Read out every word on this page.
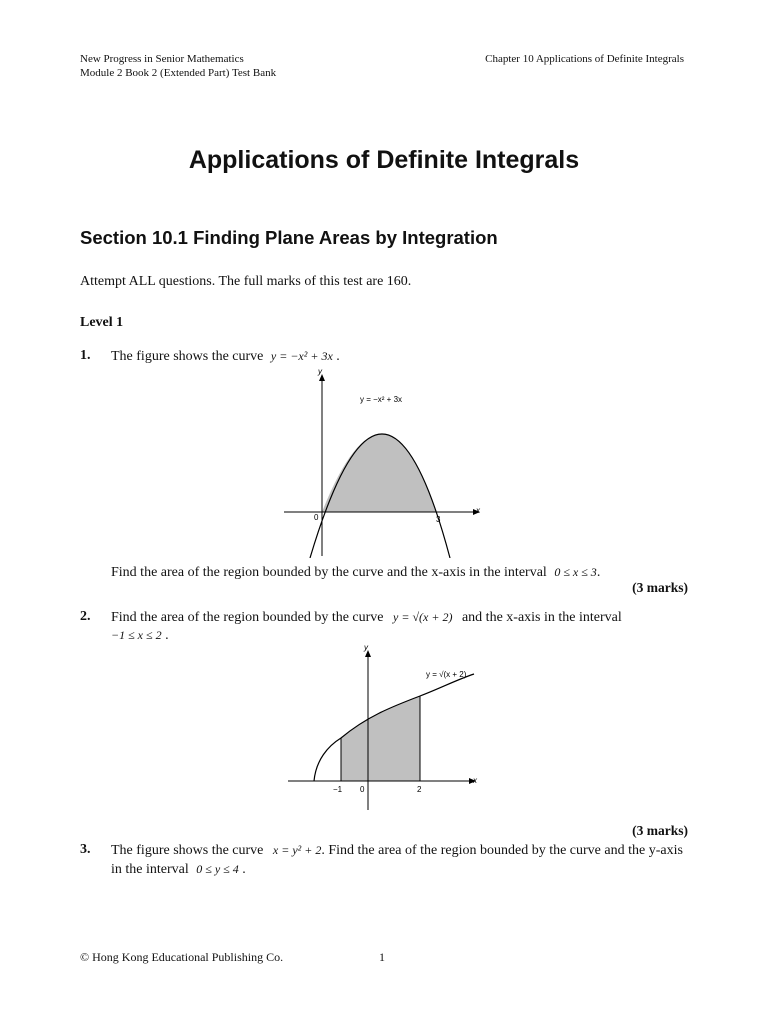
New Progress in Senior Mathematics
Module 2 Book 2 (Extended Part) Test Bank
Chapter 10 Applications of Definite Integrals
Applications of Definite Integrals
Section 10.1 Finding Plane Areas by Integration
Attempt ALL questions. The full marks of this test are 160.
Level 1
1. The figure shows the curve y = −x² + 3x .
x
y
y = −x² + 3x
0	3
Find the area of the region bounded by the curve and the x-axis in the interval 0 ≤ x ≤ 3.
(3 marks)
2. Find the area of the region bounded by the curve y = √(x + 2) and the x-axis in the interval
−1 ≤ x ≤ 2 .
x
y
y = √(x + 2)
−1 0	2
(3 marks)
3. The figure shows the curve x = y² + 2. Find the area of the region bounded by the curve and the y-axis in the interval 0 ≤ y ≤ 4 .
© Hong Kong Educational Publishing Co.	1
